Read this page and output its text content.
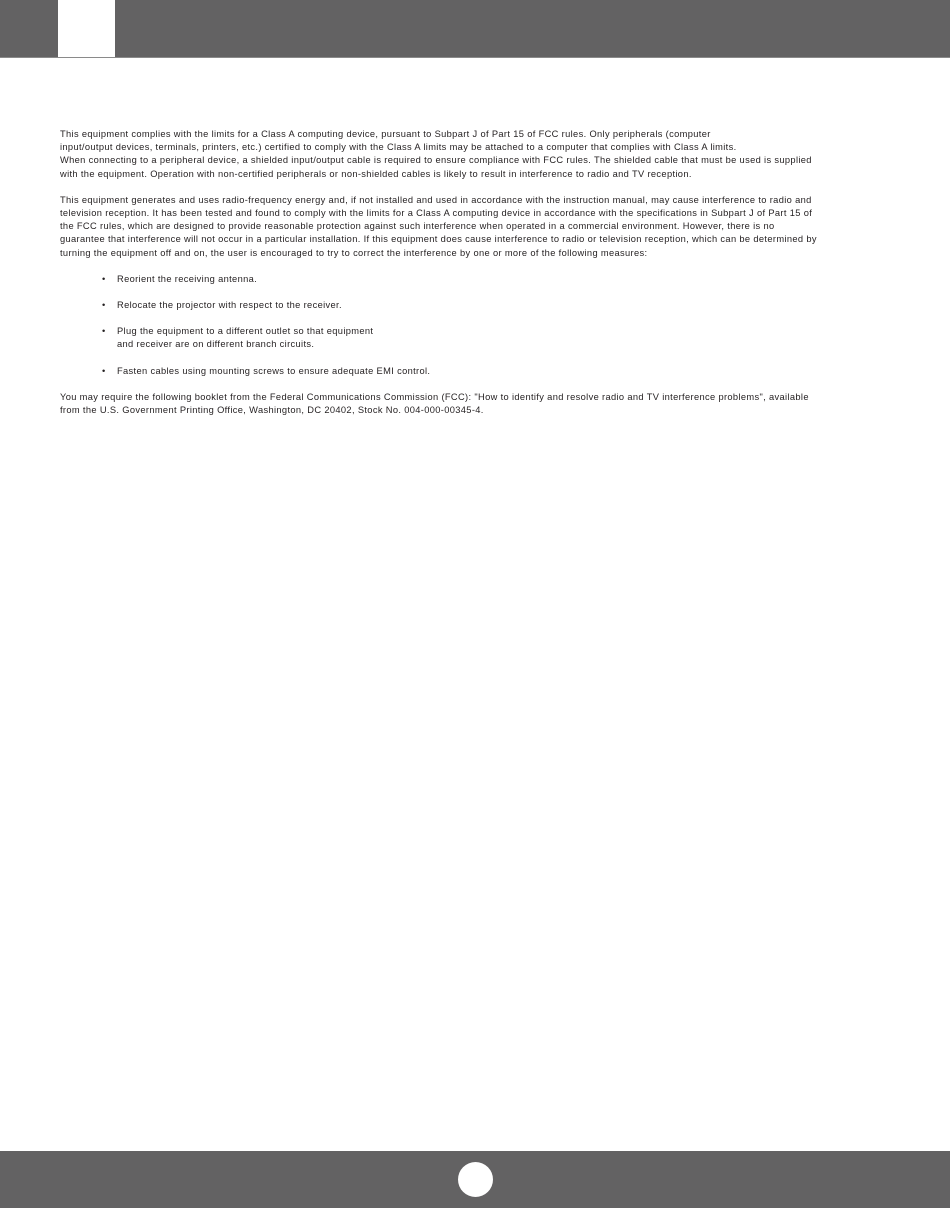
This equipment complies with the limits for a Class A computing device, pursuant to Subpart J of Part 15 of FCC rules. Only peripherals (computer

input/output devices, terminals, printers, etc.) certified to comply with the Class A limits may be attached to a computer that complies with Class A limits.

When connecting to a peripheral device, a shielded input/output cable is required to ensure compliance with FCC rules. The shielded cable that must be used is supplied

with the equipment. Operation with non-certified peripherals or non-shielded cables is likely to result in interference to radio and TV reception.

This equipment generates and uses radio-frequency energy and, if not installed and used in accordance with the instruction manual, may cause interference to radio and

television reception. It has been tested and found to comply with the limits for a Class A computing device in accordance with the specifications in Subpart J of Part 15 of

the FCC rules, which are designed to provide reasonable protection against such interference when operated in a commercial environment. However, there is no

guarantee that interference will not occur in a particular installation. If this equipment does cause interference to radio or television reception, which can be determined by

turning the equipment off and on, the user is encouraged to try to correct the interference by one or more of the following measures:

• Reorient the receiving antenna.
• Relocate the projector with respect to the receiver.
• Plug the equipment to a different outlet so that equipment
and receiver are on different branch circuits.
• Fasten cables using mounting screws to ensure adequate EMI control.

You may require the following booklet from the Federal Communications Commission (FCC): "How to identify and resolve radio and TV interference problems", available

from the U.S. Government Printing Office, Washington, DC 20402, Stock No. 004-000-00345-4.
